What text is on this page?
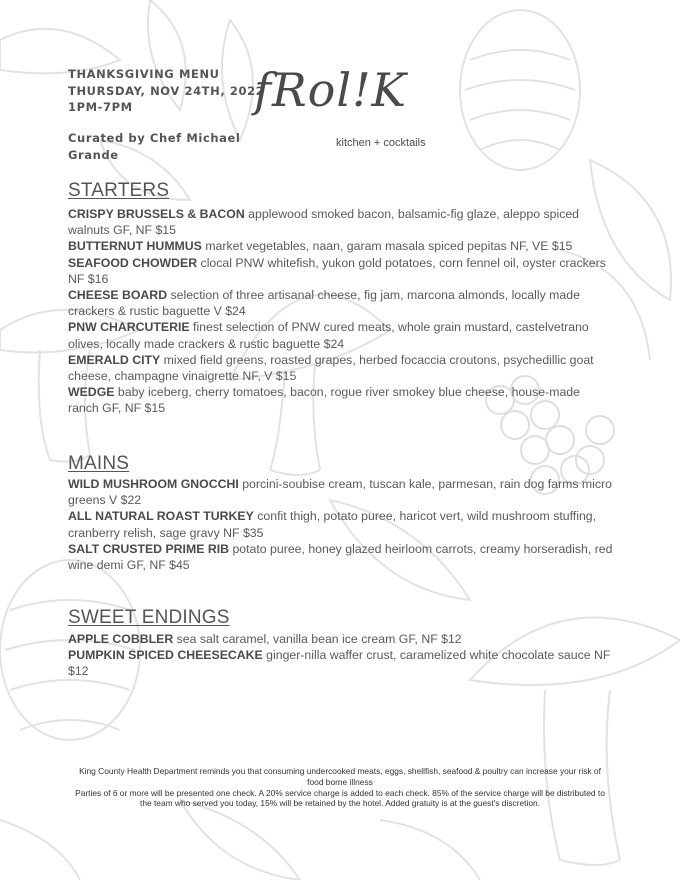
THANKSGIVING MENU
THURSDAY, NOV 24TH, 2022
1PM-7PM
Curated by Chef Michael Grande
fRol!K
kitchen + cocktails
STARTERS

CRISPY BRUSSELS & BACON applewood smoked bacon, balsamic-fig glaze, aleppo spiced walnuts GF, NF $15

BUTTERNUT HUMMUS market vegetables, naan, garam masala spiced pepitas NF, VE $15

SEAFOOD CHOWDER clocal PNW whitefish, yukon gold potatoes, corn fennel oil, oyster crackers NF $16

CHEESE BOARD selection of three artisanal cheese, fig jam, marcona almonds, locally made crackers & rustic baguette V $24

PNW CHARCUTERIE finest selection of PNW cured meats, whole grain mustard, castelvetrano olives, locally made crackers & rustic baguette $24

EMERALD CITY mixed field greens, roasted grapes, herbed focaccia croutons, psychedillic goat cheese, champagne vinaigrette NF, V $15

WEDGE baby iceberg, cherry tomatoes, bacon, rogue river smokey blue cheese, house-made ranch GF, NF $15

MAINS

WILD MUSHROOM GNOCCHI porcini-soubise cream, tuscan kale, parmesan, rain dog farms micro greens V $22

ALL NATURAL ROAST TURKEY confit thigh, potato puree, haricot vert, wild mushroom stuffing, cranberry relish, sage gravy NF $35

SALT CRUSTED PRIME RIB potato puree, honey glazed heirloom carrots, creamy horseradish, red wine demi GF, NF $45

SWEET ENDINGS

APPLE COBBLER sea salt caramel, vanilla bean ice cream GF, NF $12

PUMPKIN SPICED CHEESECAKE ginger-nilla waffer crust, caramelized white chocolate sauce NF $12

King County Health Department reminds you that consuming undercooked meats, eggs, shellfish, seafood & poultry can increase your risk of food borne illness
Parties of 6 or more will be presented one check. A 20% service charge is added to each check. 85% of the service charge will be distributed to the team who served you today, 15% will be retained by the hotel. Added gratuity is at the guest's discretion.
